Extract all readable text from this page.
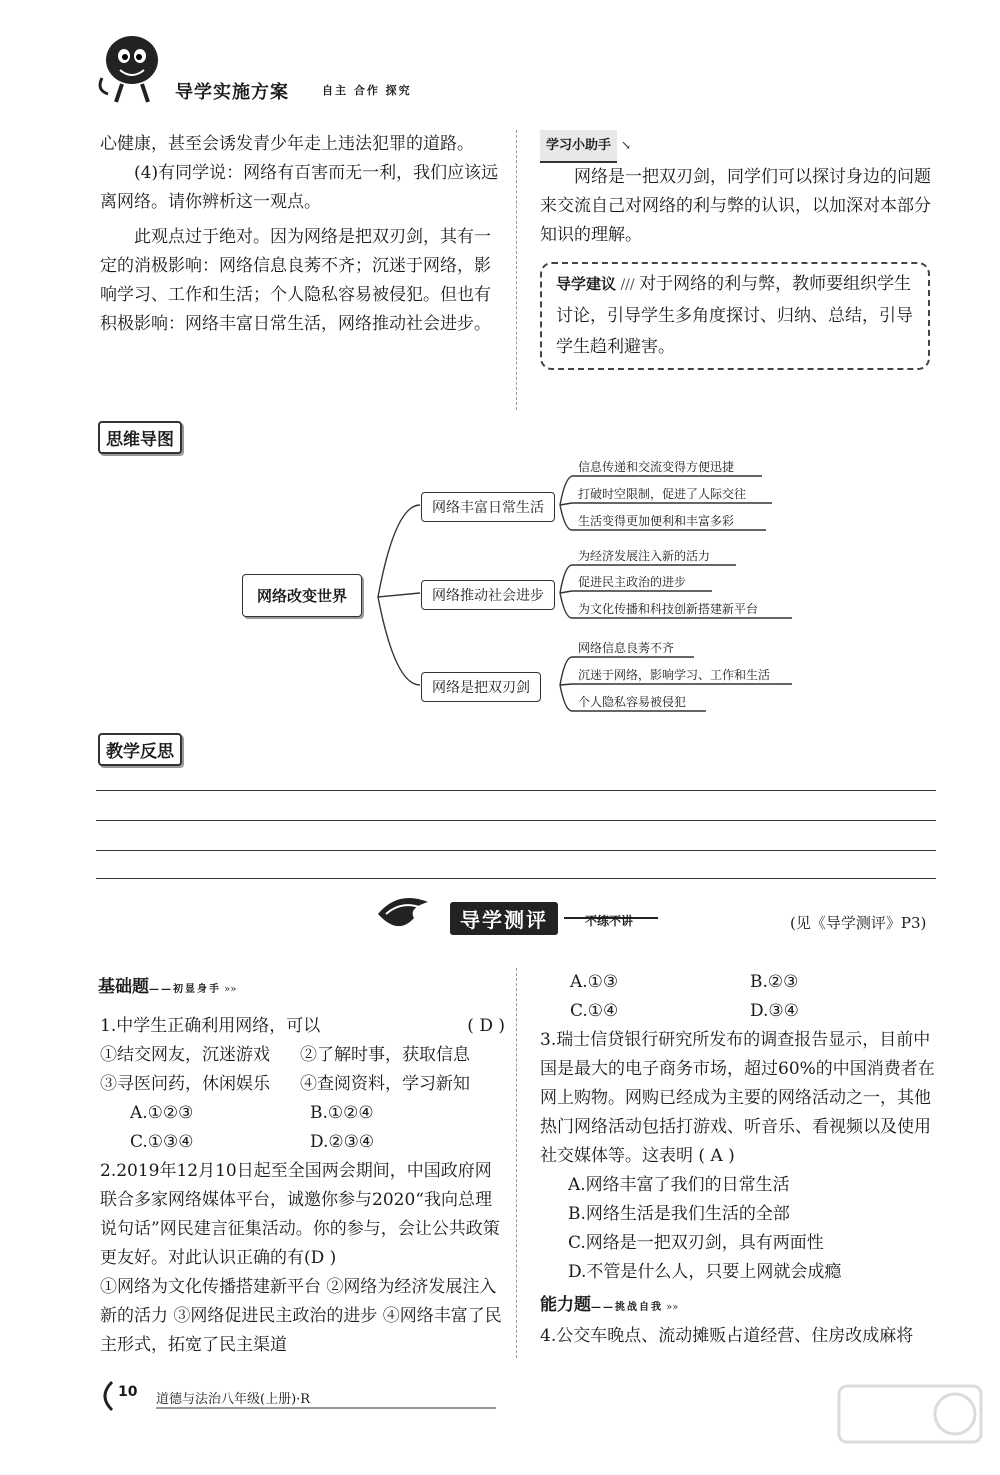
导学实施方案	自主 合作 探究

心健康，甚至会诱发青少年走上违法犯罪的道路。

(4)有同学说：网络有百害而无一利，我们应该远离网络。请你辨析这一观点。

此观点过于绝对。因为网络是把双刃剑，其有一定的消极影响：网络信息良莠不齐；沉迷于网络，影响学习、工作和生活；个人隐私容易被侵犯。但也有积极影响：网络丰富日常生活，网络推动社会进步。

学习小助手 ↘

网络是一把双刃剑，同学们可以探讨身边的问题来交流自己对网络的利与弊的认识，以加深对本部分知识的理解。

导学建议 /// 对于网络的利与弊，教师要组织学生讨论，引导学生多角度探讨、归纳、总结，引导学生趋利避害。
思维导图
网络改变世界
网络丰富日常生活
网络推动社会进步
网络是把双刃剑
信息传递和交流变得方便迅捷
打破时空限制，促进了人际交往
生活变得更加便利和丰富多彩
为经济发展注入新的活力
促进民主政治的进步
为文化传播和科技创新搭建新平台
网络信息良莠不齐
沉迷于网络，影响学习、工作和生活
个人隐私容易被侵犯
教学反思
导学测评	不练不讲	(见《导学测评》P3)
基础题——初显身手 »»
1.中学生正确利用网络，可以	( D )
①结交网友，沉迷游戏 ②了解时事，获取信息
③寻医问药，休闲娱乐 ④查阅资料，学习新知
A.①②③	B.①②④
C.①③④	D.②③④

2.2019年12月10日起至全国两会期间，中国政府网联合多家网络媒体平台，诚邀你参与2020“我向总理说句话”网民建言征集活动。你的参与，会让公共政策更友好。对此认识正确的有(D )

①网络为文化传播搭建新平台 ②网络为经济发展注入新的活力 ③网络促进民主政治的进步 ④网络丰富了民主形式，拓宽了民主渠道

A.①③	B.②③
C.①④	D.③④

3.瑞士信贷银行研究所发布的调查报告显示，目前中国是最大的电子商务市场，超过60%的中国消费者在网上购物。网购已经成为主要的网络活动之一，其他热门网络活动包括打游戏、听音乐、看视频以及使用社交媒体等。这表明 ( A )

A.网络丰富了我们的日常生活
B.网络生活是我们生活的全部
C.网络是一把双刃剑，具有两面性
D.不管是什么人，只要上网就会成瘾
能力题——挑战自我 »»
4.公交车晚点、流动摊贩占道经营、住房改成麻将
10 道德与法治八年级(上册)·R
